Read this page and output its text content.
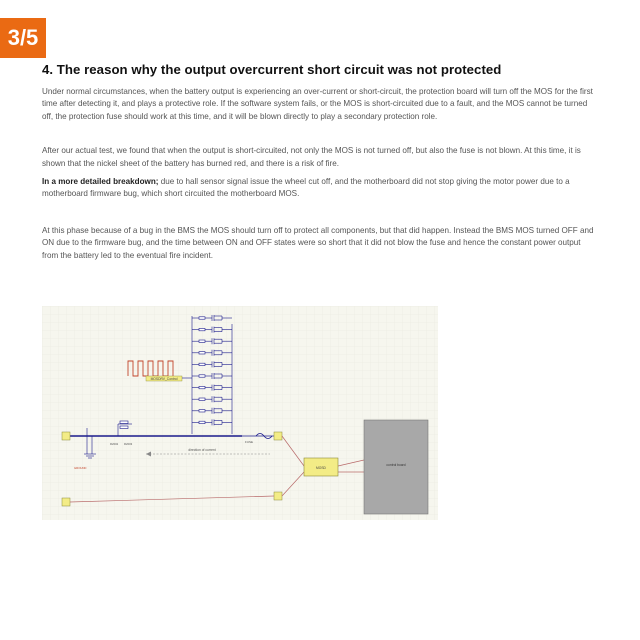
3/5
4. The reason why the output overcurrent short circuit was not protected

Under normal circumstances, when the battery output is experiencing an over-current or short-circuit, the protection board will turn off the MOS for the first time after detecting it, and plays a protective role. If the software system fails, or the MOS is short-circuited due to a fault, and the MOS cannot be turned off, the protection fuse should work at this time, and it will be blown directly to play a secondary protection role.

After our actual test, we found that when the output is short-circuited, not only the MOS is not turned off, but also the fuse is not blown. At this time, it is shown that the nickel sheet of the battery has burned red, and there is a risk of fire.

In a more detailed breakdown; due to hall sensor signal issue the wheel cut off, and the motherboard did not stop giving the motor power due to a motherboard firmware bug, which short circuited the motherboard MOS.

At this phase because of a bug in the BMS the MOS should turn off to protect all components, but that did happen. Instead the BMS MOS turned OFF and ON due to the firmware bug, and the time between ON and OFF states were so short that it did not blow the fuse and hence the constant power output from the battery led to the eventual fire incident.

MOSDRV_Control
FUSE
direction of current
R2002 R2003
GROUND	MOSD
control board
